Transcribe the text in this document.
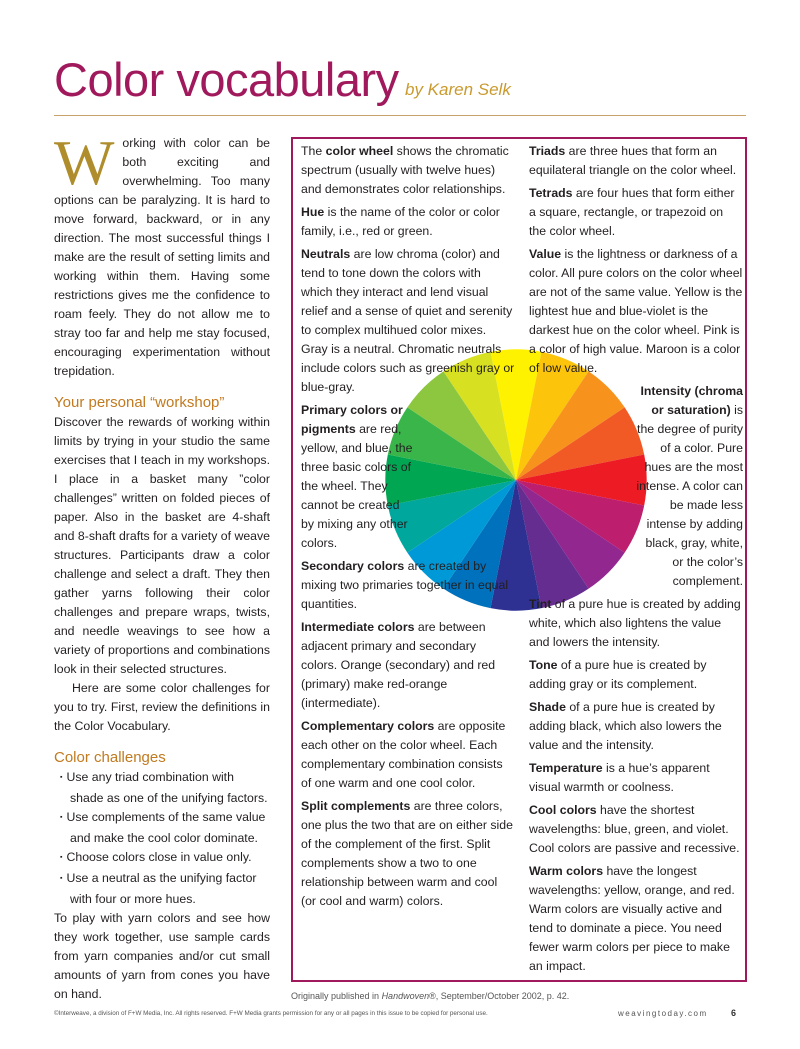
Color vocabulary by Karen Selk

Working with color can be both exciting and overwhelming. Too many options can be paralyzing. It is hard to move forward, backward, or in any direction. The most successful things I make are the result of setting limits and working within them. Having some restrictions gives me the confidence to roam feely. They do not allow me to stray too far and help me stay focused, encouraging experimentation without trepidation.

Your personal “workshop”

Discover the rewards of working within limits by trying in your studio the same exercises that I teach in my workshops. I place in a basket many ”color challenges” written on folded pieces of paper. Also in the basket are 4-shaft and 8-shaft drafts for a variety of weave structures. Participants draw a color challenge and select a draft. They then gather yarns following their color challenges and prepare wraps, twists, and needle weavings to see how a variety of proportions and combinations look in their selected structures.

Here are some color challenges for you to try. First, review the definitions in the Color Vocabulary.

Color challenges
▪ Use any triad combination with shade as one of the unifying factors.
▪ Use complements of the same value and make the cool color dominate.
▪ Choose colors close in value only.
▪ Use a neutral as the unifying factor with four or more hues.

To play with yarn colors and see how they work together, use sample cards from yarn companies and/or cut small amounts of yarn from cones you have on hand.

The color wheel shows the chromatic spectrum (usually with twelve hues) and demonstrates color relationships.

Hue is the name of the color or color family, i.e., red or green.

Neutrals are low chroma (color) and tend to tone down the colors with which they interact and lend visual relief and a sense of quiet and serenity to complex multihued color mixes. Gray is a neutral. Chromatic neutrals include colors such as greenish gray or blue-gray.

Primary colors or pigments are red, yellow, and blue, the three basic colors of the wheel. They cannot be created by mixing any other colors.

Secondary colors are created by mixing two primaries together in equal quantities.

Intermediate colors are between adjacent primary and secondary colors. Orange (secondary) and red (primary) make red-orange (intermediate).

Complementary colors are opposite each other on the color wheel. Each complementary combination consists of one warm and one cool color.

Split complements are three colors, one plus the two that are on either side of the complement of the first. Split complements show a two to one relationship between warm and cool (or cool and warm) colors.

Triads are three hues that form an equilateral triangle on the color wheel.

Tetrads are four hues that form either a square, rectangle, or trapezoid on the color wheel.

Value is the lightness or darkness of a color. All pure colors on the color wheel are not of the same value. Yellow is the lightest hue and blue-violet is the darkest hue on the color wheel. Pink is a color of high value. Maroon is a color of low value.

Intensity (chroma or saturation) is the degree of purity of a color. Pure hues are the most intense. A color can be made less intense by adding black, gray, white, or the color’s complement.

Tint of a pure hue is created by adding white, which also lightens the value and lowers the intensity.

Tone of a pure hue is created by adding gray or its complement.

Shade of a pure hue is created by adding black, which also lowers the value and the intensity.

Temperature is a hue’s apparent visual warmth or coolness.

Cool colors have the shortest wavelengths: blue, green, and violet. Cool colors are passive and recessive.

Warm colors have the longest wavelengths: yellow, orange, and red. Warm colors are visually active and tend to dominate a piece. You need fewer warm colors per piece to make an impact.

Originally published in Handwoven®, September/October 2002, p. 42.
©Interweave, a division of F+W Media, Inc. All rights reserved. F+W Media grants permission for any or all pages in this issue to be copied for personal use.	weavingtoday.com	6
